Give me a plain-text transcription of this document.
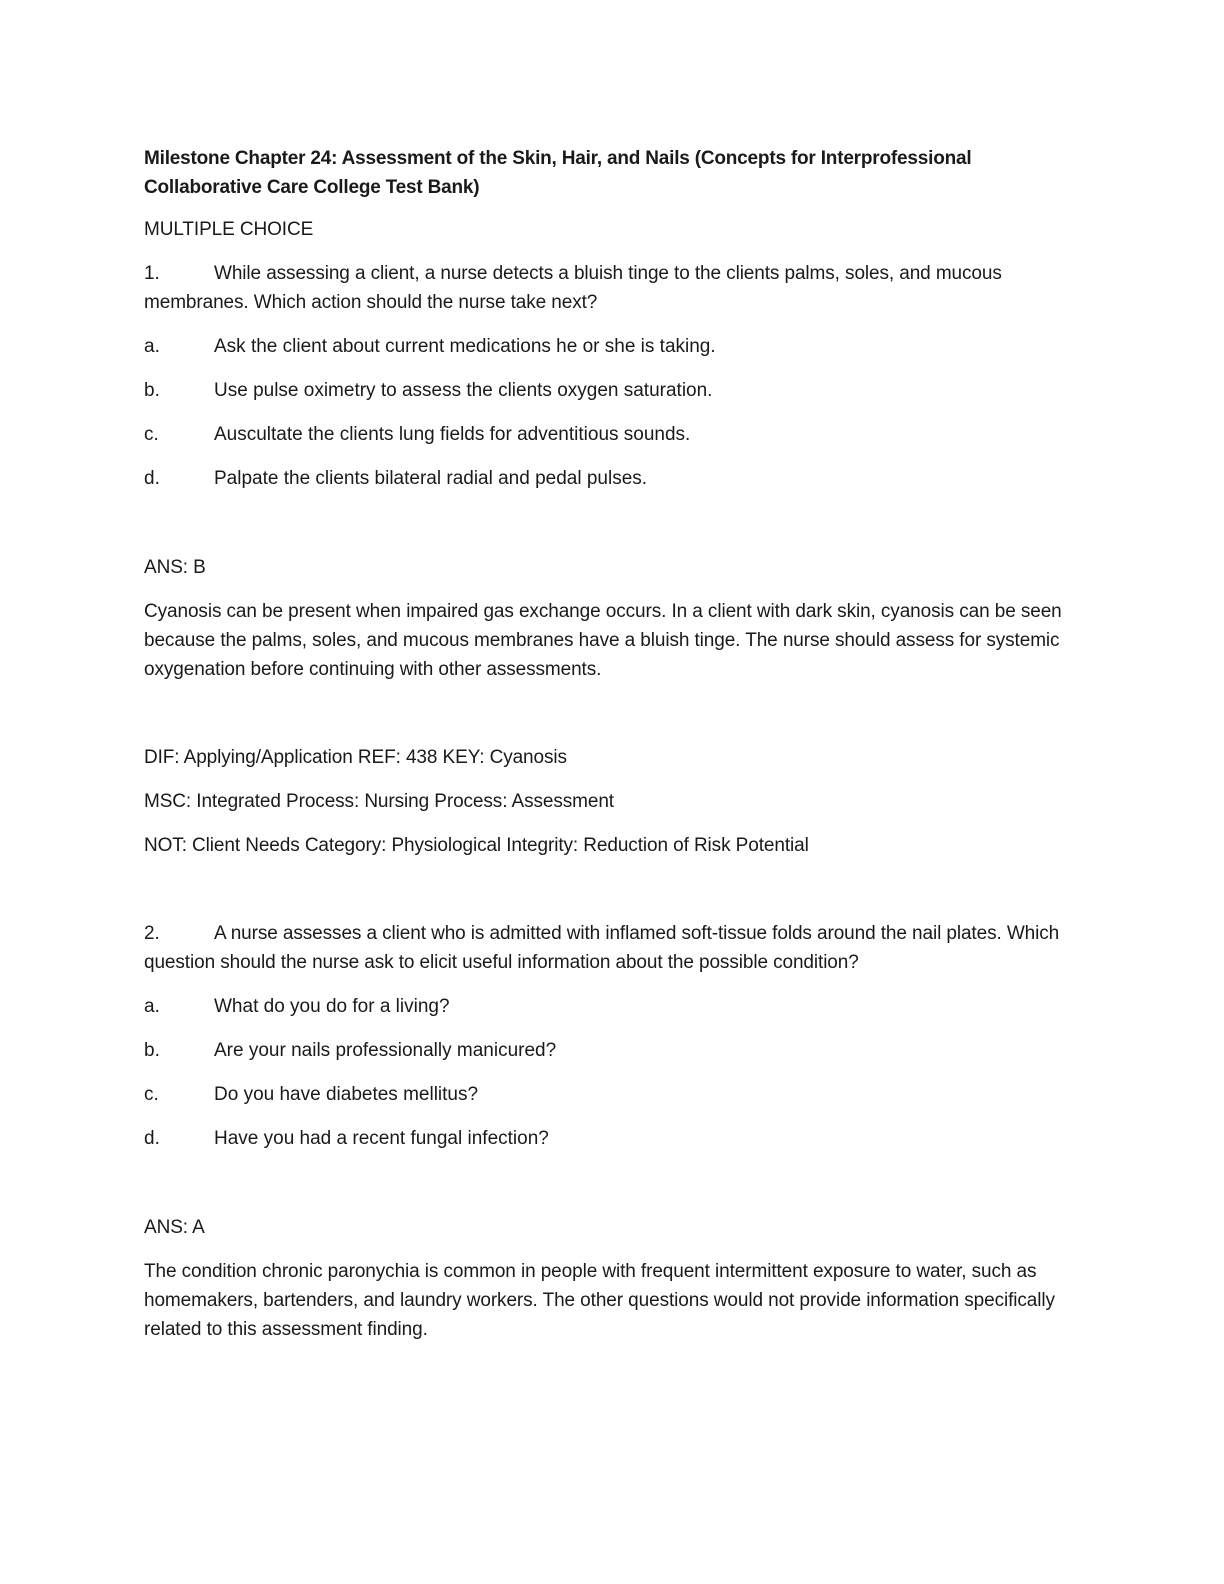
Milestone Chapter 24: Assessment of the Skin, Hair, and Nails (Concepts for Interprofessional Collaborative Care College Test Bank)
MULTIPLE CHOICE
1.	While assessing a client, a nurse detects a bluish tinge to the clients palms, soles, and mucous membranes. Which action should the nurse take next?
a.	Ask the client about current medications he or she is taking.
b.	Use pulse oximetry to assess the clients oxygen saturation.
c.	Auscultate the clients lung fields for adventitious sounds.
d.	Palpate the clients bilateral radial and pedal pulses.
ANS: B
Cyanosis can be present when impaired gas exchange occurs. In a client with dark skin, cyanosis can be seen because the palms, soles, and mucous membranes have a bluish tinge. The nurse should assess for systemic oxygenation before continuing with other assessments.
DIF: Applying/Application REF: 438 KEY: Cyanosis
MSC: Integrated Process: Nursing Process: Assessment
NOT: Client Needs Category: Physiological Integrity: Reduction of Risk Potential
2.	A nurse assesses a client who is admitted with inflamed soft-tissue folds around the nail plates. Which question should the nurse ask to elicit useful information about the possible condition?
a.	What do you do for a living?
b.	Are your nails professionally manicured?
c.	Do you have diabetes mellitus?
d.	Have you had a recent fungal infection?
ANS: A
The condition chronic paronychia is common in people with frequent intermittent exposure to water, such as homemakers, bartenders, and laundry workers. The other questions would not provide information specifically related to this assessment finding.
